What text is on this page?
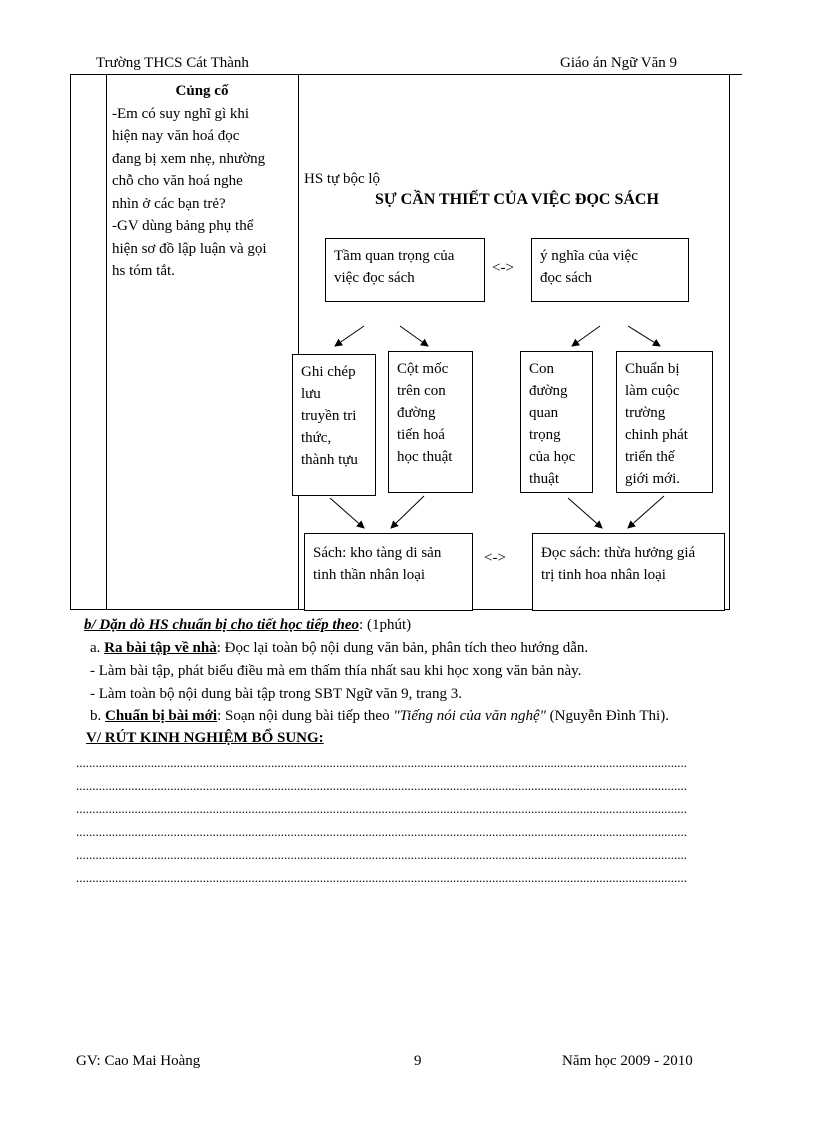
Trường THCS Cát Thành	Giáo án Ngữ Văn 9
Củng cố
-Em có suy nghĩ gì khi
hiện nay văn hoá đọc
đang bị xem nhẹ, nhường
chỗ cho văn hoá nghe
nhìn ở các bạn trẻ?
-GV dùng bảng phụ thể
hiện sơ đồ lập luận và gọi
hs tóm tắt.
HS tự bộc lộ
SỰ CẦN THIẾT CỦA VIỆC ĐỌC SÁCH
Tầm quan trọng của
việc đọc sách
<->
ý nghĩa của việc
đọc sách
Ghi chép
lưu
truyền tri
thức,
thành tựu
Cột mốc
trên con
đường
tiến hoá
học thuật
Con
đường
quan
trọng
của học
thuật
Chuẩn bị
làm cuộc
trường
chinh phát
triển thế
giới mới.
Sách: kho tàng di sản
tinh thần nhân loại
<-> Đọc sách: thừa hưởng giá
trị tinh hoa nhân loại
b/ Dặn dò HS chuẩn bị cho tiết học tiếp theo: (1phút)
a. Ra bài tập về nhà: Đọc lại toàn bộ nội dung văn bản, phân tích theo hướng dẫn.
- Làm bài tập, phát biểu điều mà em thấm thía nhất sau khi học xong văn bản này.
- Làm toàn bộ nội dung bài tập trong SBT Ngữ văn 9, trang 3.
b. Chuẩn bị bài mới: Soạn nội dung bài tiếp theo "Tiếng nói của văn nghệ" (Nguyễn Đình Thi).
V/ RÚT KINH NGHIỆM BỔ SUNG:
............................................................................................................................................................................................
............................................................................................................................................................................................
............................................................................................................................................................................................
............................................................................................................................................................................................
............................................................................................................................................................................................
............................................................................................................................................................................................
GV: Cao Mai Hoàng	9	Năm học 2009 - 2010
